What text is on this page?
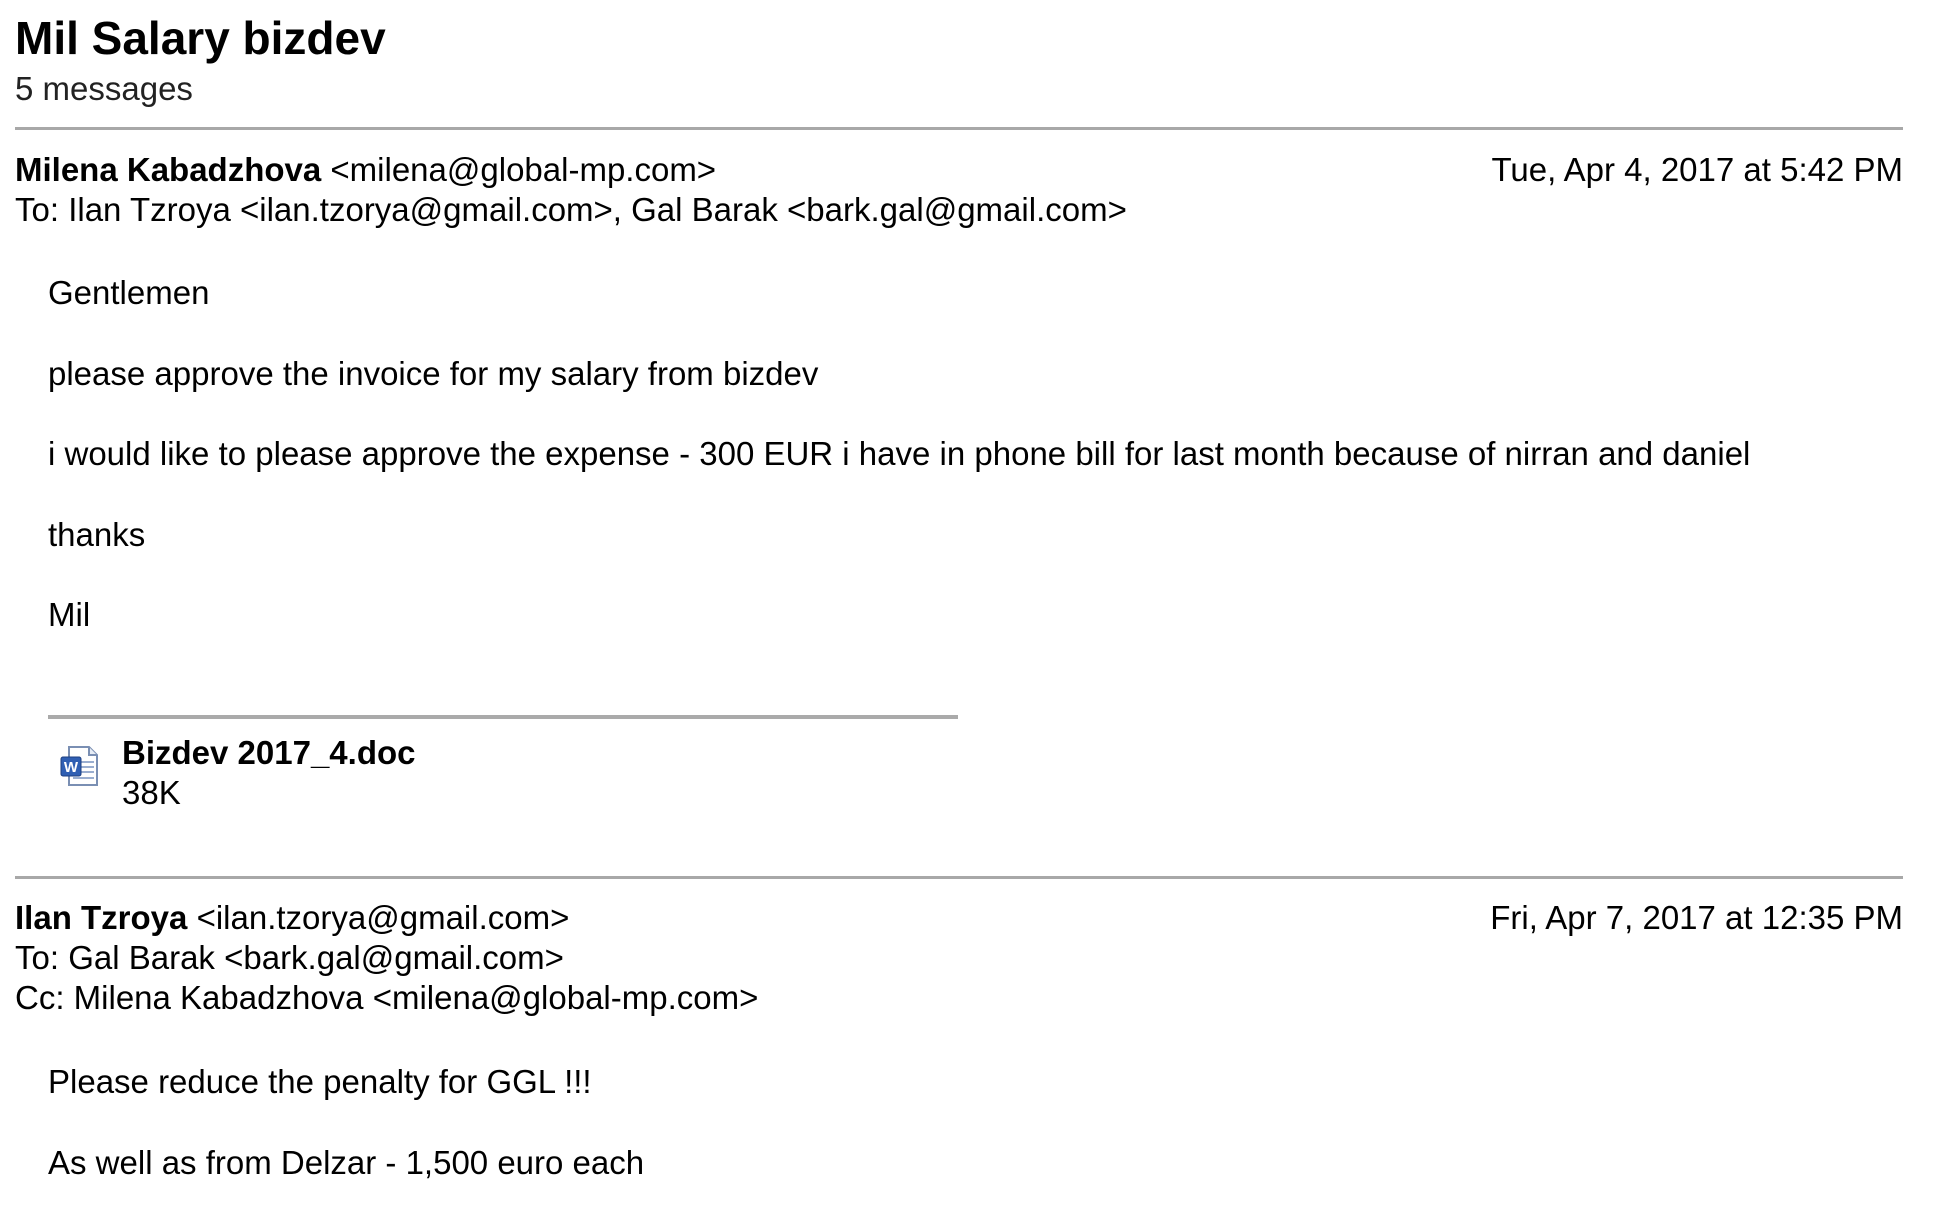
Mil Salary bizdev
5 messages
Milena Kabadzhova <milena@global-mp.com>	Tue, Apr 4, 2017 at 5:42 PM
To: Ilan Tzroya <ilan.tzorya@gmail.com>, Gal Barak <bark.gal@gmail.com>
Gentlemen
please approve the invoice for my salary from bizdev
i would like to please approve the expense - 300 EUR i have in phone bill for last month because of nirran and daniel
thanks
Mil
W Bizdev 2017_4.doc
38K
Ilan Tzroya <ilan.tzorya@gmail.com>	Fri, Apr 7, 2017 at 12:35 PM
To: Gal Barak <bark.gal@gmail.com>
Cc: Milena Kabadzhova <milena@global-mp.com>
Please reduce the penalty for GGL !!!
As well as from Delzar - 1,500 euro each
